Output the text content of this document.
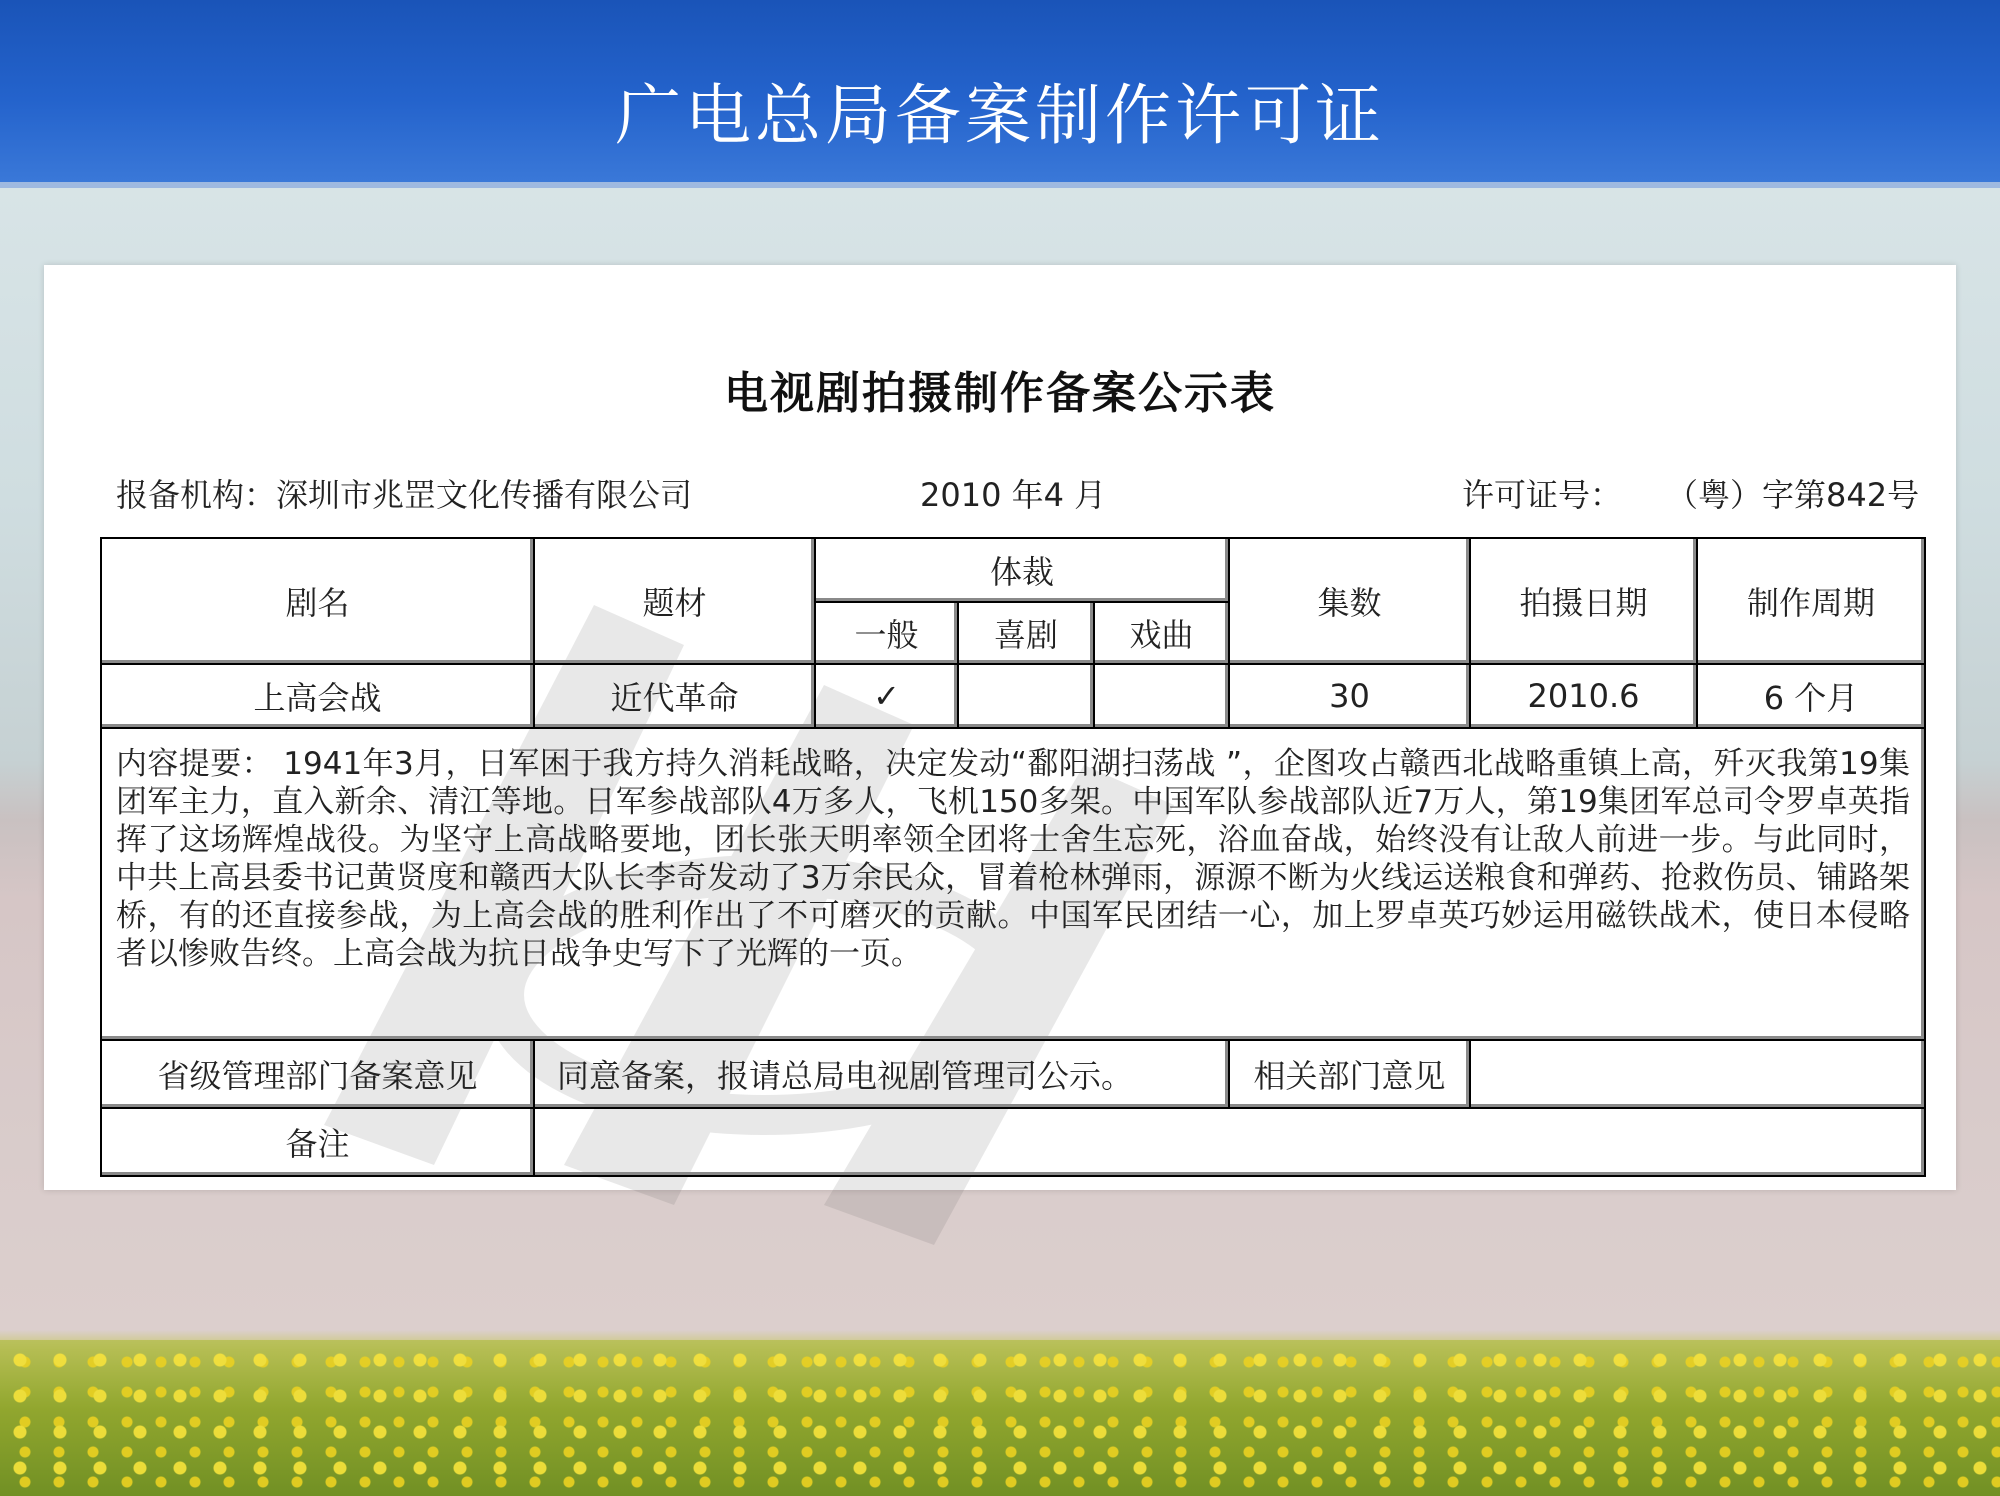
广电总局备案制作许可证
电视剧拍摄制作备案公示表
报备机构：深圳市兆罡文化传播有限公司	2010 年4 月	许可证号： （粤）字第842号
剧名	题材	体裁			集数	拍摄日期	制作周期
		一般	喜剧	戏曲			
上高会战	近代革命	✓			30	2010.6	6 个月
内容提要： 1941年3月，日军困于我方持久消耗战略，决定发动“鄱阳湖扫荡战 ”，企图攻占赣西北战略重镇上高，歼灭我第19集团军主力，直入新余、清江等地。日军参战部队4万多人，飞机150多架。中国军队参战部队近7万人，第19集团军总司令罗卓英指挥了这场辉煌战役。为坚守上高战略要地，团长张天明率领全团将士舍生忘死，浴血奋战，始终没有让敌人前进一步。与此同时，中共上高县委书记黄贤度和赣西大队长李奇发动了3万余民众，冒着枪林弹雨，源源不断为火线运送粮食和弹药、抢救伤员、铺路架桥，有的还直接参战，为上高会战的胜利作出了不可磨灭的贡献。中国军民团结一心，加上罗卓英巧妙运用磁铁战术，使日本侵略者以惨败告终。上高会战为抗日战争史写下了光辉的一页。							
省级管理部门备案意见	同意备案，报请总局电视剧管理司公示。				相关部门意见		
备注							
